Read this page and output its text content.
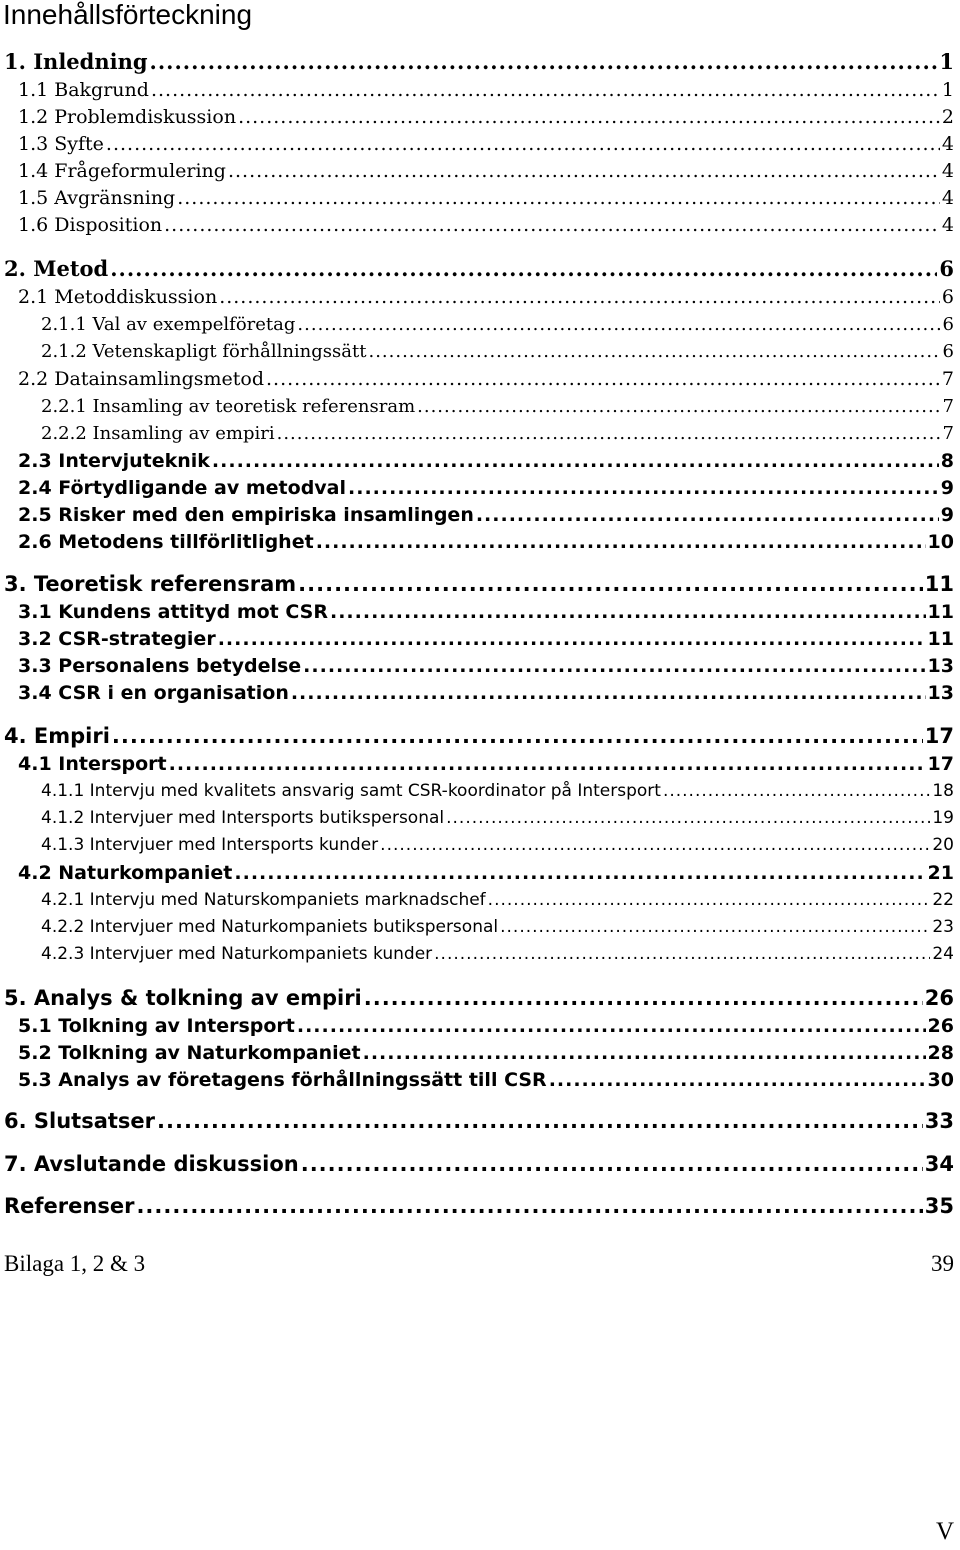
Innehållsförteckning
1. Inledning .....	1
1.1 Bakgrund .....	1
1.2 Problemdiskussion .....	2
1.3 Syfte .....	4
1.4 Frågeformulering .....	4
1.5 Avgränsning .....	4
1.6 Disposition .....	4
2. Metod .....	6
2.1 Metoddiskussion .....	6
2.1.1 Val av exempelföretag .....	6
2.1.2 Vetenskapligt förhållningssätt .....	6
2.2 Datainsamlingsmetod .....	7
2.2.1 Insamling av teoretisk referensram .....	7
2.2.2 Insamling av empiri .....	7
2.3 Intervjuteknik .....	8
2.4 Förtydligande av metodval .....	9
2.5 Risker med den empiriska insamlingen .....	9
2.6 Metodens tillförlitlighet .....	10
3. Teoretisk referensram .....	11
3.1 Kundens attityd mot CSR .....	11
3.2 CSR-strategier .....	11
3.3 Personalens betydelse .....	13
3.4 CSR i en organisation .....	13
4. Empiri .....	17
4.1 Intersport .....	17
4.1.1 Intervju med kvalitets ansvarig samt CSR-koordinator på Intersport .....	18
4.1.2 Intervjuer med Intersports butikspersonal .....	19
4.1.3 Intervjuer med Intersports kunder .....	20
4.2 Naturkompaniet .....	21
4.2.1 Intervju med Naturskompaniets marknadschef .....	22
4.2.2 Intervjuer med Naturkompaniets butikspersonal .....	23
4.2.3 Intervjuer med Naturkompaniets kunder .....	24
5. Analys & tolkning av empiri .....	26
5.1 Tolkning av Intersport .....	26
5.2 Tolkning av Naturkompaniet .....	28
5.3 Analys av företagens förhållningssätt till CSR .....	30
6. Slutsatser .....	33
7. Avslutande diskussion .....	34
Referenser .....	35
Bilaga 1, 2 & 3	39
V
